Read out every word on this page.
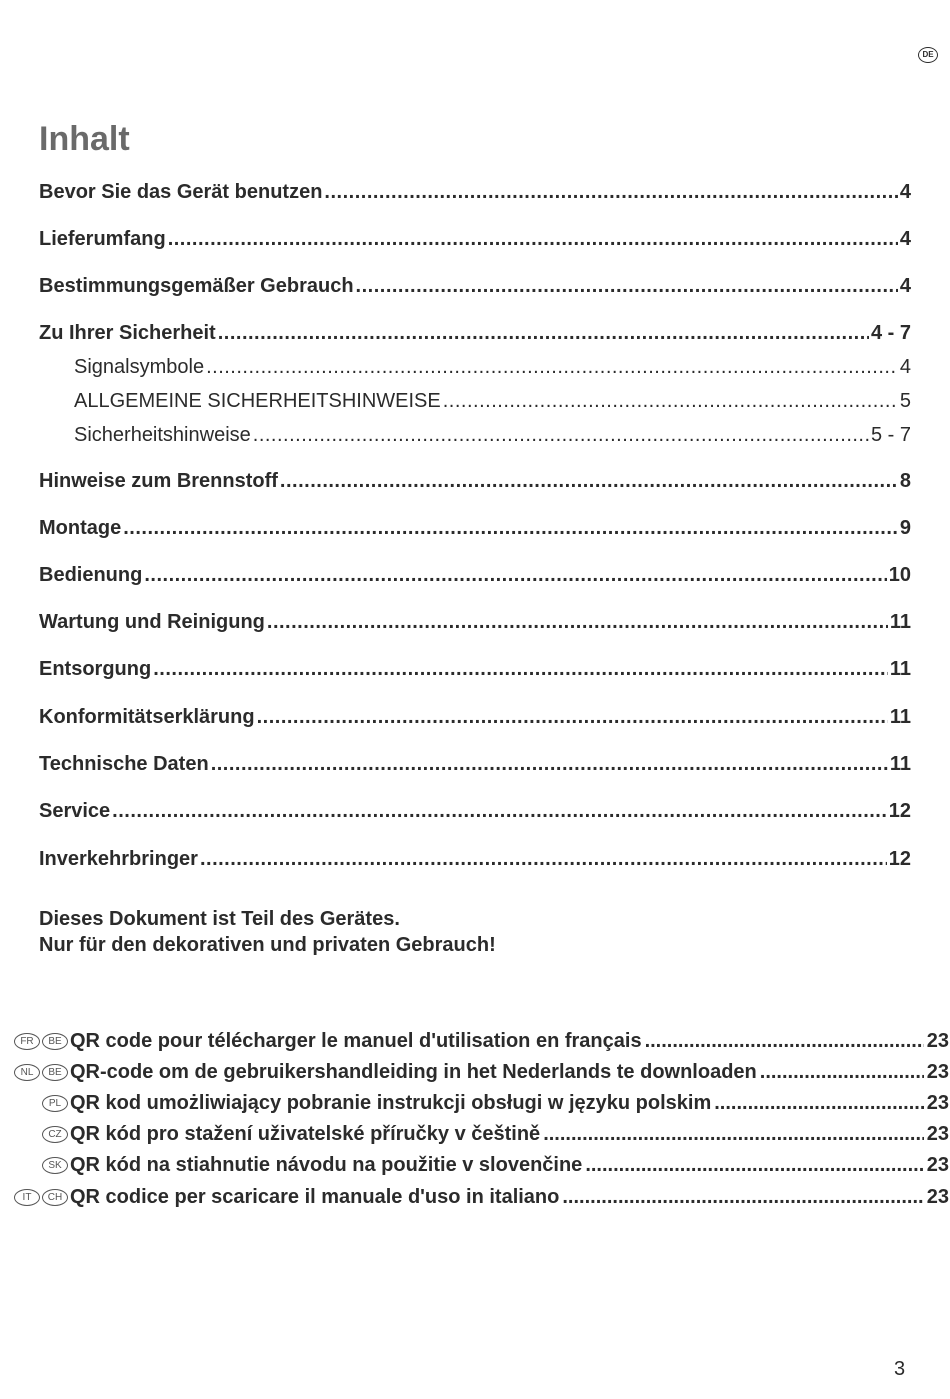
DE
Inhalt
Bevor Sie das Gerät benutzen .....	4
Lieferumfang .....	4
Bestimmungsgemäßer Gebrauch .....	4
Zu Ihrer Sicherheit .....	4 - 7
Signalsymbole .....	4
ALLGEMEINE SICHERHEITSHINWEISE .....	5
Sicherheitshinweise .....	5 - 7
Hinweise zum Brennstoff .....	8
Montage .....	9
Bedienung .....	10
Wartung und Reinigung .....	11
Entsorgung .....	11
Konformitätserklärung .....	11
Technische Daten .....	11
Service .....	12
Inverkehrbringer .....	12

Dieses Dokument ist Teil des Gerätes.
Nur für den dekorativen und privaten Gebrauch!

FR	BE QR code pour télécharger le manuel d'utilisation en français .....	23
NL	BE QR-code om de gebruikershandleiding in het Nederlands te downloaden .....	23
PL QR kod umożliwiający pobranie instrukcji obsługi w języku polskim .....	23
CZ QR kód pro stažení uživatelské příručky v češtině .....	23
SK QR kód na stiahnutie návodu na použitie v slovenčine .....	23
IT	CH QR codice per scaricare il manuale d'uso in italiano .....	23
3
